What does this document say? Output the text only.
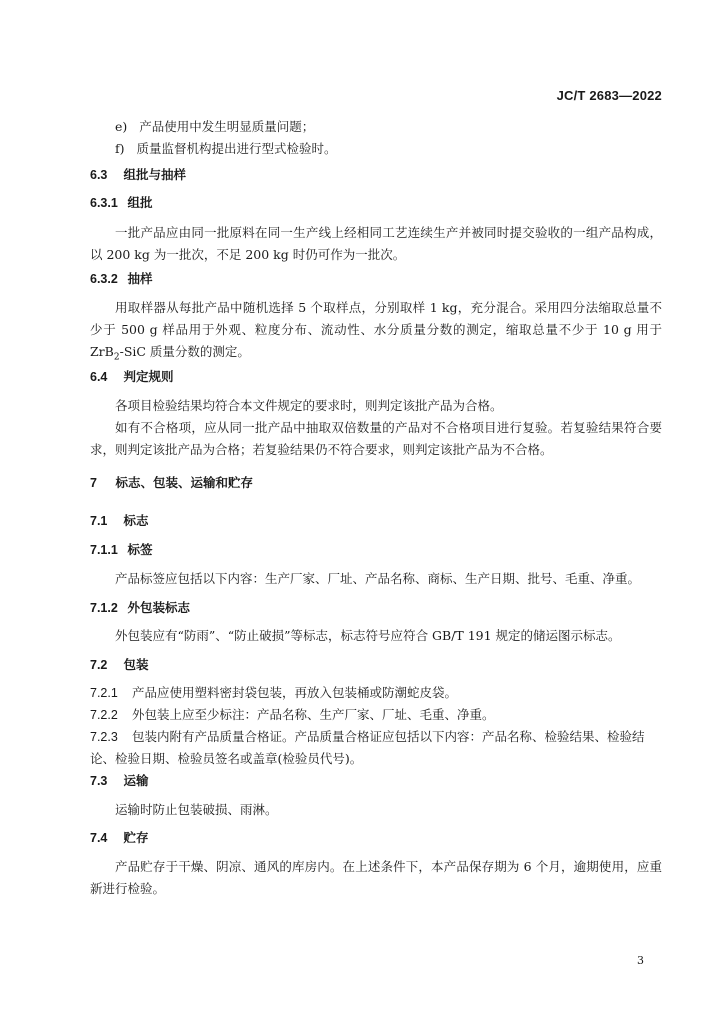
JC/T 2683—2022
e) 产品使用中发生明显质量问题；
f) 质量监督机构提出进行型式检验时。
6.3 组批与抽样
6.3.1 组批
一批产品应由同一批原料在同一生产线上经相同工艺连续生产并被同时提交验收的一组产品构成，以 200 kg 为一批次，不足 200 kg 时仍可作为一批次。
6.3.2 抽样
用取样器从每批产品中随机选择 5 个取样点，分别取样 1 kg，充分混合。采用四分法缩取总量不少于 500 g 样品用于外观、粒度分布、流动性、水分质量分数的测定，缩取总量不少于 10 g 用于 ZrB$_2$-SiC 质量分数的测定。
6.4 判定规则
各项目检验结果均符合本文件规定的要求时，则判定该批产品为合格。
如有不合格项，应从同一批产品中抽取双倍数量的产品对不合格项目进行复验。若复验结果符合要求，则判定该批产品为合格；若复验结果仍不符合要求，则判定该批产品为不合格。
7 标志、包装、运输和贮存
7.1 标志
7.1.1 标签
产品标签应包括以下内容：生产厂家、厂址、产品名称、商标、生产日期、批号、毛重、净重。
7.1.2 外包装标志
外包装应有“防雨”、“防止破损”等标志，标志符号应符合 GB/T 191 规定的储运图示标志。
7.2 包装
7.2.1 产品应使用塑料密封袋包装，再放入包装桶或防潮蛇皮袋。
7.2.2 外包装上应至少标注：产品名称、生产厂家、厂址、毛重、净重。
7.2.3 包装内附有产品质量合格证。产品质量合格证应包括以下内容：产品名称、检验结果、检验结论、检验日期、检验员签名或盖章(检验员代号)。
7.3 运输
运输时防止包装破损、雨淋。
7.4 贮存
产品贮存于干燥、阴凉、通风的库房内。在上述条件下，本产品保存期为 6 个月，逾期使用，应重新进行检验。
3
